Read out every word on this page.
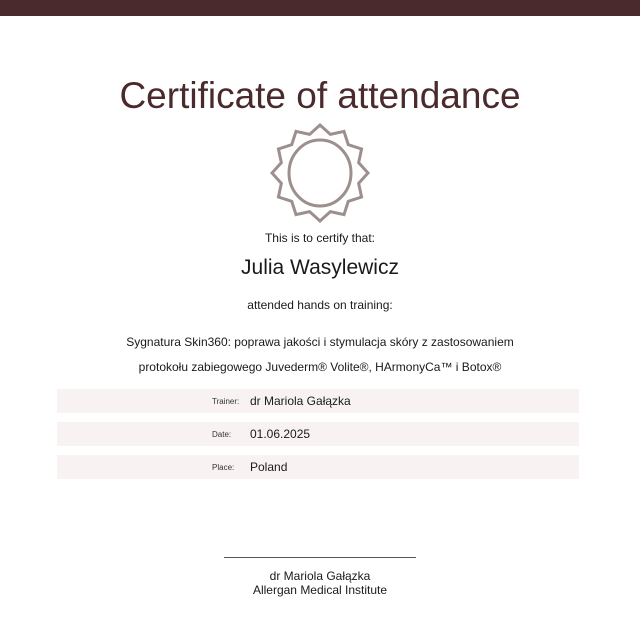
Certificate of attendance
This is to certify that:
Julia Wasylewicz
attended hands on training:
Sygnatura Skin360: poprawa jakości i stymulacja skóry z zastosowaniem
protokołu zabiegowego Juvederm® Volite®, HArmonyCa™ i Botox®
Trainer: dr Mariola Gałązka
Date: 01.06.2025
Place: Poland
dr Mariola Gałązka
Allergan Medical Institute
